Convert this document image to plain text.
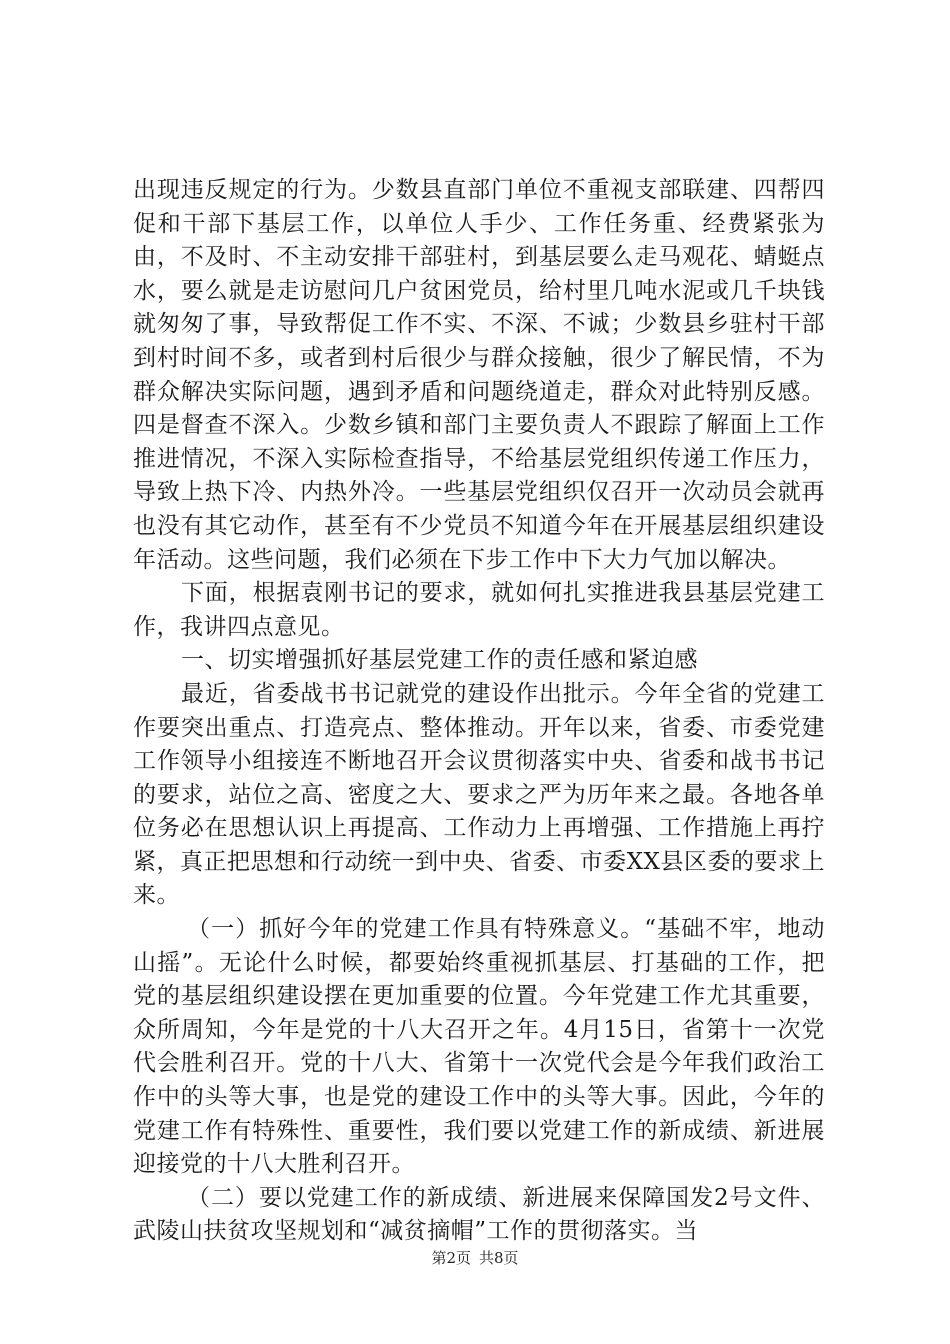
出现违反规定的行为。少数县直部门单位不重视支部联建、四帮四促和干部下基层工作，以单位人手少、工作任务重、经费紧张为由，不及时、不主动安排干部驻村，到基层要么走马观花、蜻蜓点水，要么就是走访慰问几户贫困党员，给村里几吨水泥或几千块钱就匆匆了事，导致帮促工作不实、不深、不诚；少数县乡驻村干部到村时间不多，或者到村后很少与群众接触，很少了解民情，不为群众解决实际问题，遇到矛盾和问题绕道走，群众对此特别反感。四是督查不深入。少数乡镇和部门主要负责人不跟踪了解面上工作推进情况，不深入实际检查指导，不给基层党组织传递工作压力，导致上热下冷、内热外冷。一些基层党组织仅召开一次动员会就再也没有其它动作，甚至有不少党员不知道今年在开展基层组织建设年活动。这些问题，我们必须在下步工作中下大力气加以解决。

下面，根据袁刚书记的要求，就如何扎实推进我县基层党建工作，我讲四点意见。

一、切实增强抓好基层党建工作的责任感和紧迫感

最近，省委战书书记就党的建设作出批示。今年全省的党建工作要突出重点、打造亮点、整体推动。开年以来，省委、市委党建工作领导小组接连不断地召开会议贯彻落实中央、省委和战书书记的要求，站位之高、密度之大、要求之严为历年来之最。各地各单位务必在思想认识上再提高、工作动力上再增强、工作措施上再拧紧，真正把思想和行动统一到中央、省委、市委XX县区委的要求上来。

（一）抓好今年的党建工作具有特殊意义。“基础不牢，地动山摇”。无论什么时候，都要始终重视抓基层、打基础的工作，把党的基层组织建设摆在更加重要的位置。今年党建工作尤其重要，众所周知，今年是党的十八大召开之年。4月15日，省第十一次党代会胜利召开。党的十八大、省第十一次党代会是今年我们政治工作中的头等大事，也是党的建设工作中的头等大事。因此，今年的党建工作有特殊性、重要性，我们要以党建工作的新成绩、新进展迎接党的十八大胜利召开。

（二）要以党建工作的新成绩、新进展来保障国发2号文件、武陵山扶贫攻坚规划和“减贫摘帽”工作的贯彻落实。当

第2页 共8页
